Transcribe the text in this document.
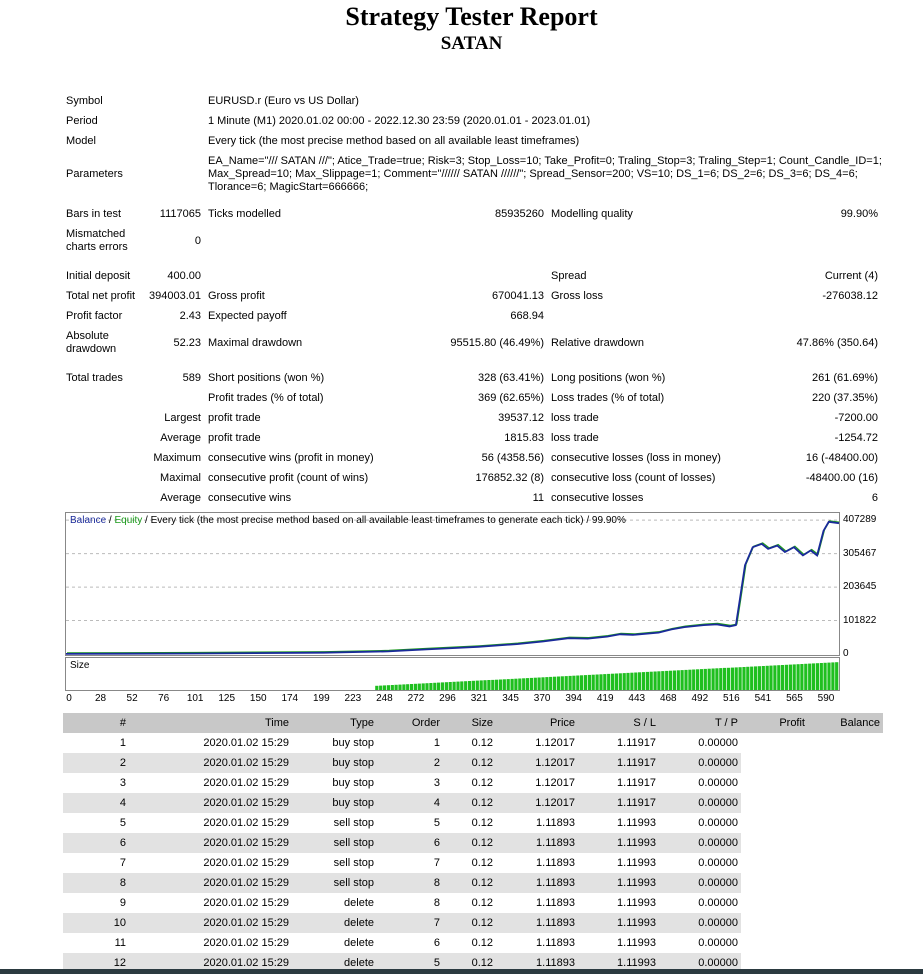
Strategy Tester Report
SATAN
Symbol	EURUSD.r (Euro vs US Dollar)
Period	1 Minute (M1) 2020.01.02 00:00 - 2022.12.30 23:59 (2020.01.01 - 2023.01.01)
Model	Every tick (the most precise method based on all available least timeframes)
Parameters
EA_Name="/// SATAN ///"; Atice_Trade=true; Risk=3; Stop_Loss=10; Take_Profit=0; Traling_Stop=3; Traling_Step=1; Count_Candle_ID=1; Max_Spread=10; Max_Slippage=1; Comment="////// SATAN //////"; Spread_Sensor=200; VS=10; DS_1=6; DS_2=6; DS_3=6; DS_4=6; Tlorance=6; MagicStart=666666;
Bars in test	1117065 Ticks modelled	85935260 Modelling quality	99.90%
Mismatched
charts errors	0
Initial deposit	400.00	Spread	Current (4)
Total net profit	394003.01 Gross profit	670041.13 Gross loss	-276038.12
Profit factor	2.43 Expected payoff	668.94
Absolute
drawdown	52.23 Maximal drawdown	95515.80 (46.49%) Relative drawdown	47.86% (350.64)
Total trades	589 Short positions (won %)	328 (63.41%) Long positions (won %)	261 (61.69%)
Profit trades (% of total)	369 (62.65%) Loss trades (% of total)	220 (37.35%)
Largest profit trade	39537.12 loss trade	-7200.00
Average profit trade	1815.83 loss trade	-1254.72
Maximum consecutive wins (profit in money)	56 (4358.56) consecutive losses (loss in money)	16 (-48400.00)
Maximal consecutive profit (count of wins)	176852.32 (8) consecutive loss (count of losses)	-48400.00 (16)
Average consecutive wins	11 consecutive losses	6
Balance / Equity / Every tick (the most precise method based on all available least timeframes to generate each tick) / 99.90%	407289
305467
203645
101822
0
Size
0	28	52	76	101	125	150	174	199	223	248	272	296	321	345	370	394	419	443	468	492	516	541	565	590
#	Time	Type	Order	Size	Price	S / L	T / P	Profit	Balance
1	2020.01.02 15:29	buy stop	1	0.12	1.12017	1.11917	0.00000		
2	2020.01.02 15:29	buy stop	2	0.12	1.12017	1.11917	0.00000		
3	2020.01.02 15:29	buy stop	3	0.12	1.12017	1.11917	0.00000		
4	2020.01.02 15:29	buy stop	4	0.12	1.12017	1.11917	0.00000		
5	2020.01.02 15:29	sell stop	5	0.12	1.11893	1.11993	0.00000		
6	2020.01.02 15:29	sell stop	6	0.12	1.11893	1.11993	0.00000		
7	2020.01.02 15:29	sell stop	7	0.12	1.11893	1.11993	0.00000		
8	2020.01.02 15:29	sell stop	8	0.12	1.11893	1.11993	0.00000		
9	2020.01.02 15:29	delete	8	0.12	1.11893	1.11993	0.00000		
10	2020.01.02 15:29	delete	7	0.12	1.11893	1.11993	0.00000		
11	2020.01.02 15:29	delete	6	0.12	1.11893	1.11993	0.00000		
12	2020.01.02 15:29	delete	5	0.12	1.11893	1.11993	0.00000		
